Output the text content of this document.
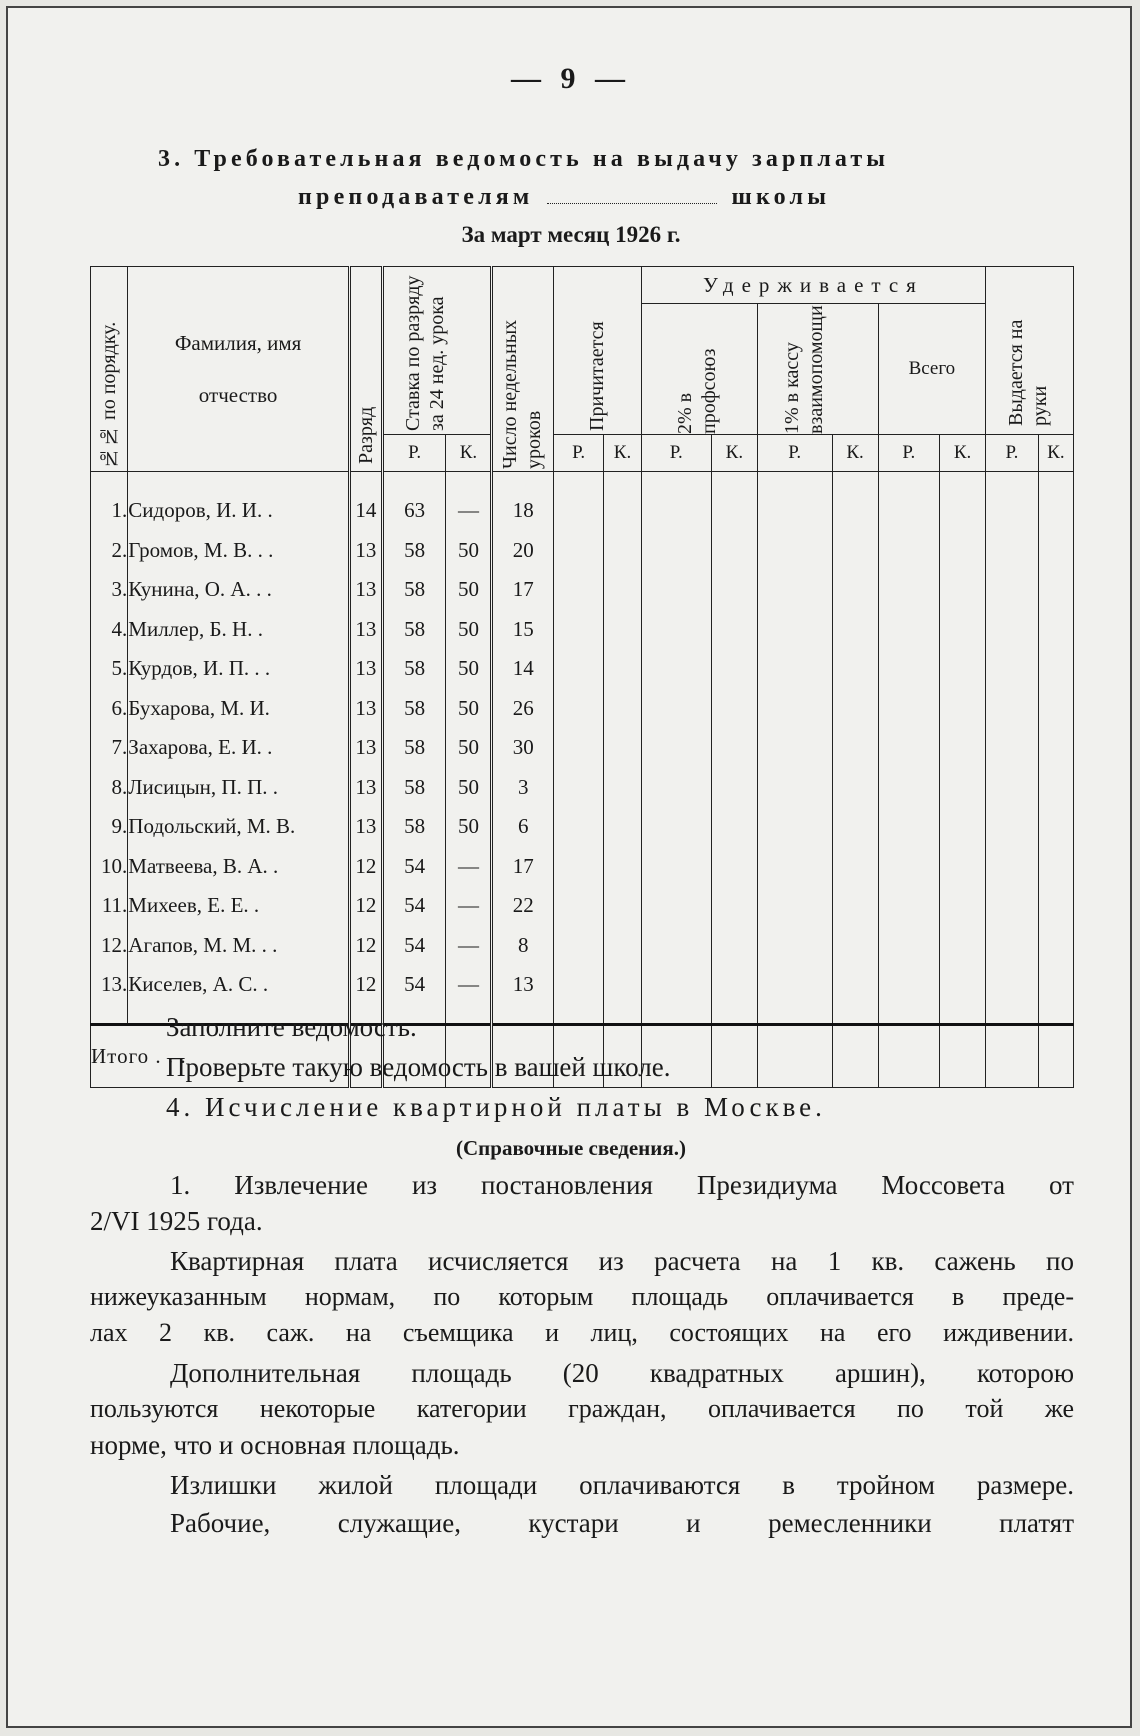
— 9 —
3. Требовательная ведомость на выдачу зарплаты
преподавателям	школы
За март месяц 1926 г.
№№ по порядку.	Фамилия, имя
отчество	Разряд	Ставка по разряду за 24 нед. урока		Число недельных уроков	Причитается		Удерживается						Выдается на руки	

								2% в профсоюз		1% в кассу взаимопомощи		Всего			
			Р.	К.		Р.	К.	Р.	К.	Р.	К.	Р.	К.	Р.	К.

1.	Сидоров, И. И. .	14	63	—	18										
2.	Громов, М. В. . .	13	58	50	20										
3.	Кунина, О. А. . .	13	58	50	17										
4.	Миллер, Б. Н. .	13	58	50	15										
5.	Курдов, И. П. . .	13	58	50	14										
6.	Бухарова, М. И.	13	58	50	26										
7.	Захарова, Е. И. .	13	58	50	30										
8.	Лисицын, П. П. .	13	58	50	3										
9.	Подольский, М. В.	13	58	50	6										
10.	Матвеева, В. А. .	12	54	—	17										
11.	Михеев, Е. Е. .	12	54	—	22										
12.	Агапов, М. М. . .	12	54	—	8										
13.	Киселев, А. С. .	12	54	—	13										

Итого . . .															
Заполните ведомость.
Проверьте такую ведомость в вашей школе.
4. Исчисление квартирной платы в Москве.
(Справочные сведения.)
1. Извлечение из постановления Президиума Моссовета от
2/VI 1925 года.
Квартирная плата исчисляется из расчета на 1 кв. сажень по
нижеуказанным нормам, по которым площадь оплачивается в преде-
лах 2 кв. саж. на съемщика и лиц, состоящих на его иждивении.
Дополнительная площадь (20 квадратных аршин), которою
пользуются некоторые категории граждан, оплачивается по той же
норме, что и основная площадь.
Излишки жилой площади оплачиваются в тройном размере.
Рабочие, служащие, кустари и ремесленники платят
